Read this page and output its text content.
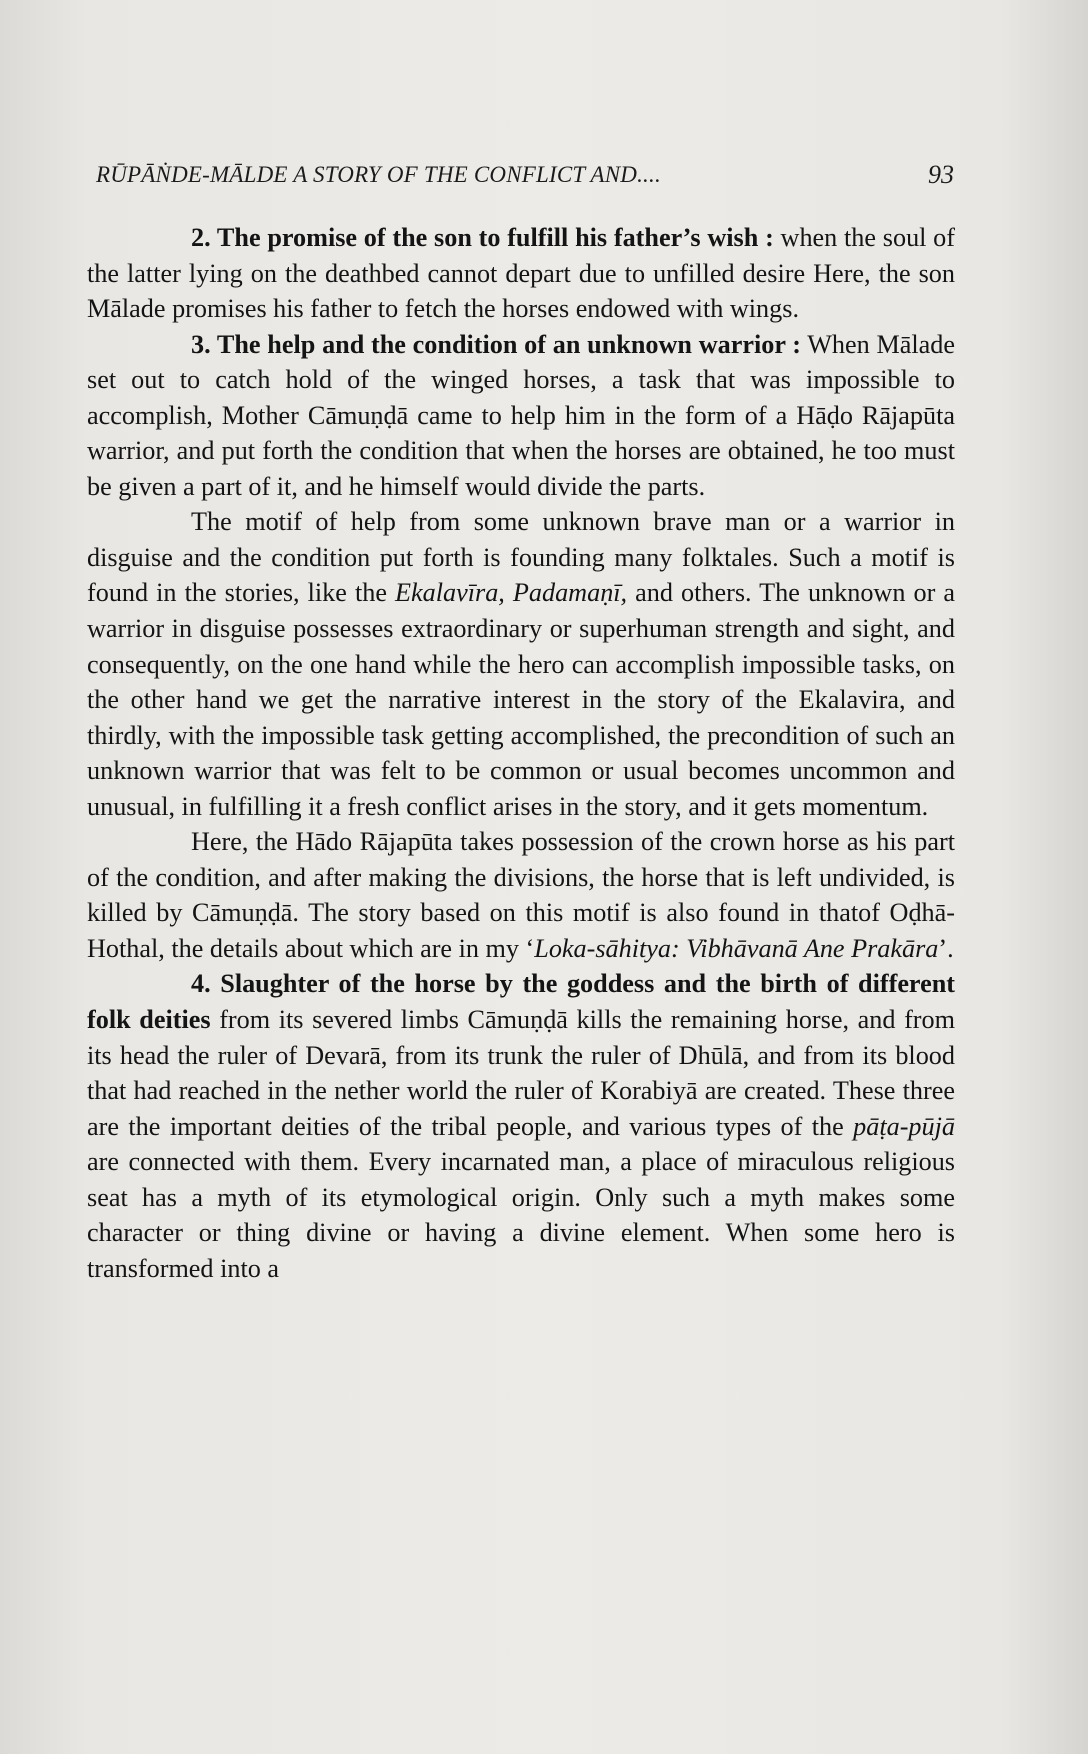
RŪPĀṄDE-MĀLDE A STORY OF THE CONFLICT AND....	93

2. The promise of the son to fulfill his father’s wish : when the soul of the latter lying on the deathbed cannot depart due to unfilled desire Here, the son Mālade promises his father to fetch the horses endowed with wings.

3. The help and the condition of an unknown warrior : When Mālade set out to catch hold of the winged horses, a task that was impossible to accomplish, Mother Cāmuṇḍā came to help him in the form of a Hāḍo Rājapūta warrior, and put forth the condition that when the horses are obtained, he too must be given a part of it, and he himself would divide the parts.

The motif of help from some unknown brave man or a warrior in disguise and the condition put forth is founding many folktales. Such a motif is found in the stories, like the Ekalavīra, Padamaṇī, and others. The unknown or a warrior in disguise possesses extraordinary or superhuman strength and sight, and consequently, on the one hand while the hero can accomplish impossible tasks, on the other hand we get the narrative interest in the story of the Ekalavira, and thirdly, with the impossible task getting accomplished, the precondition of such an unknown warrior that was felt to be common or usual becomes uncommon and unusual, in fulfilling it a fresh conflict arises in the story, and it gets momentum.

Here, the Hādo Rājapūta takes possession of the crown horse as his part of the condition, and after making the divisions, the horse that is left undivided, is killed by Cāmuṇḍā. The story based on this motif is also found in thatof Oḍhā-Hothal, the details about which are in my ‘Loka-sāhitya: Vibhāvanā Ane Prakāra’.

4. Slaughter of the horse by the goddess and the birth of different folk deities from its severed limbs Cāmuṇḍā kills the remaining horse, and from its head the ruler of Devarā, from its trunk the ruler of Dhūlā, and from its blood that had reached in the nether world the ruler of Korabiyā are created. These three are the important deities of the tribal people, and various types of the pāṭa-pūjā are connected with them. Every incarnated man, a place of miraculous religious seat has a myth of its etymological origin. Only such a myth makes some character or thing divine or having a divine element. When some hero is transformed into a
